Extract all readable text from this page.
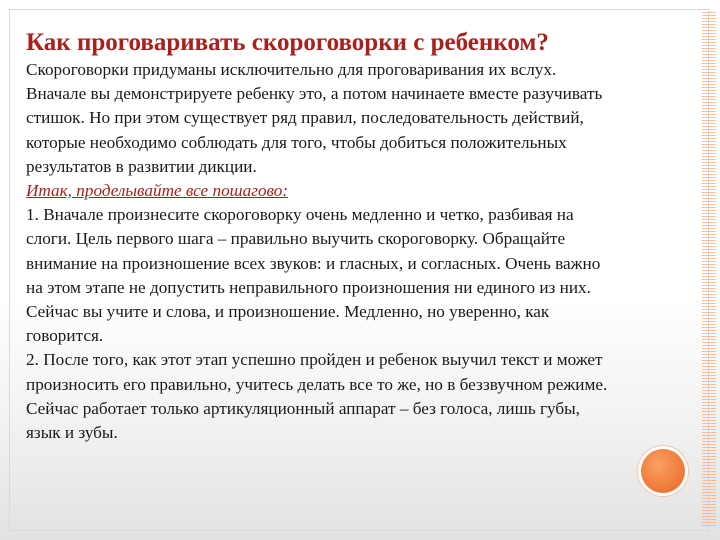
Как проговаривать скороговорки с ребенком?
Скороговорки придуманы исключительно для проговаривания их вслух.
Вначале вы демонстрируете ребенку это, а потом начинаете вместе разучивать
стишок. Но при этом существует ряд правил, последовательность действий,
которые необходимо соблюдать для того, чтобы добиться положительных
результатов в развитии дикции.
Итак, проделывайте все пошагово:
1. Вначале произнесите скороговорку очень медленно и четко, разбивая на
слоги. Цель первого шага – правильно выучить скороговорку. Обращайте
внимание на произношение всех звуков: и гласных, и согласных. Очень важно
на этом этапе не допустить неправильного произношения ни единого из них.
Сейчас вы учите и слова, и произношение. Медленно, но уверенно, как
говорится.
2. После того, как этот этап успешно пройден и ребенок выучил текст и может
произносить его правильно, учитесь делать все то же, но в беззвучном режиме.
Сейчас работает только артикуляционный аппарат – без голоса, лишь губы,
язык и зубы.
